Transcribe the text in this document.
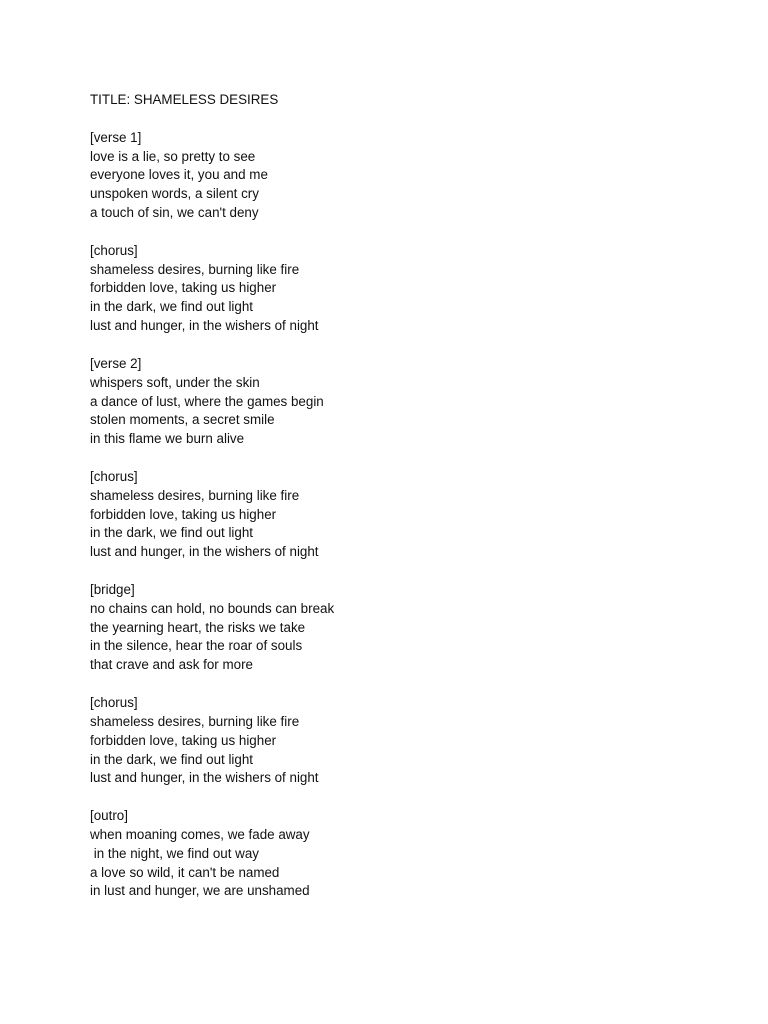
TITLE: SHAMELESS DESIRES
[verse 1]
love is a lie, so pretty to see
everyone loves it, you and me
unspoken words, a silent cry
a touch of sin, we can't deny
[chorus]
shameless desires, burning like fire
forbidden love, taking us higher
in the dark, we find out light
lust and hunger, in the wishers of night
[verse 2]
whispers soft, under the skin
a dance of lust, where the games begin
stolen moments, a secret smile
in this flame we burn alive
[chorus]
shameless desires, burning like fire
forbidden love, taking us higher
in the dark, we find out light
lust and hunger, in the wishers of night
[bridge]
no chains can hold, no bounds can break
the yearning heart, the risks we take
in the silence, hear the roar of souls
that crave and ask for more
[chorus]
shameless desires, burning like fire
forbidden love, taking us higher
in the dark, we find out light
lust and hunger, in the wishers of night
[outro]
when moaning comes, we fade away
in the night, we find out way
a love so wild, it can't be named
in lust and hunger, we are unshamed
